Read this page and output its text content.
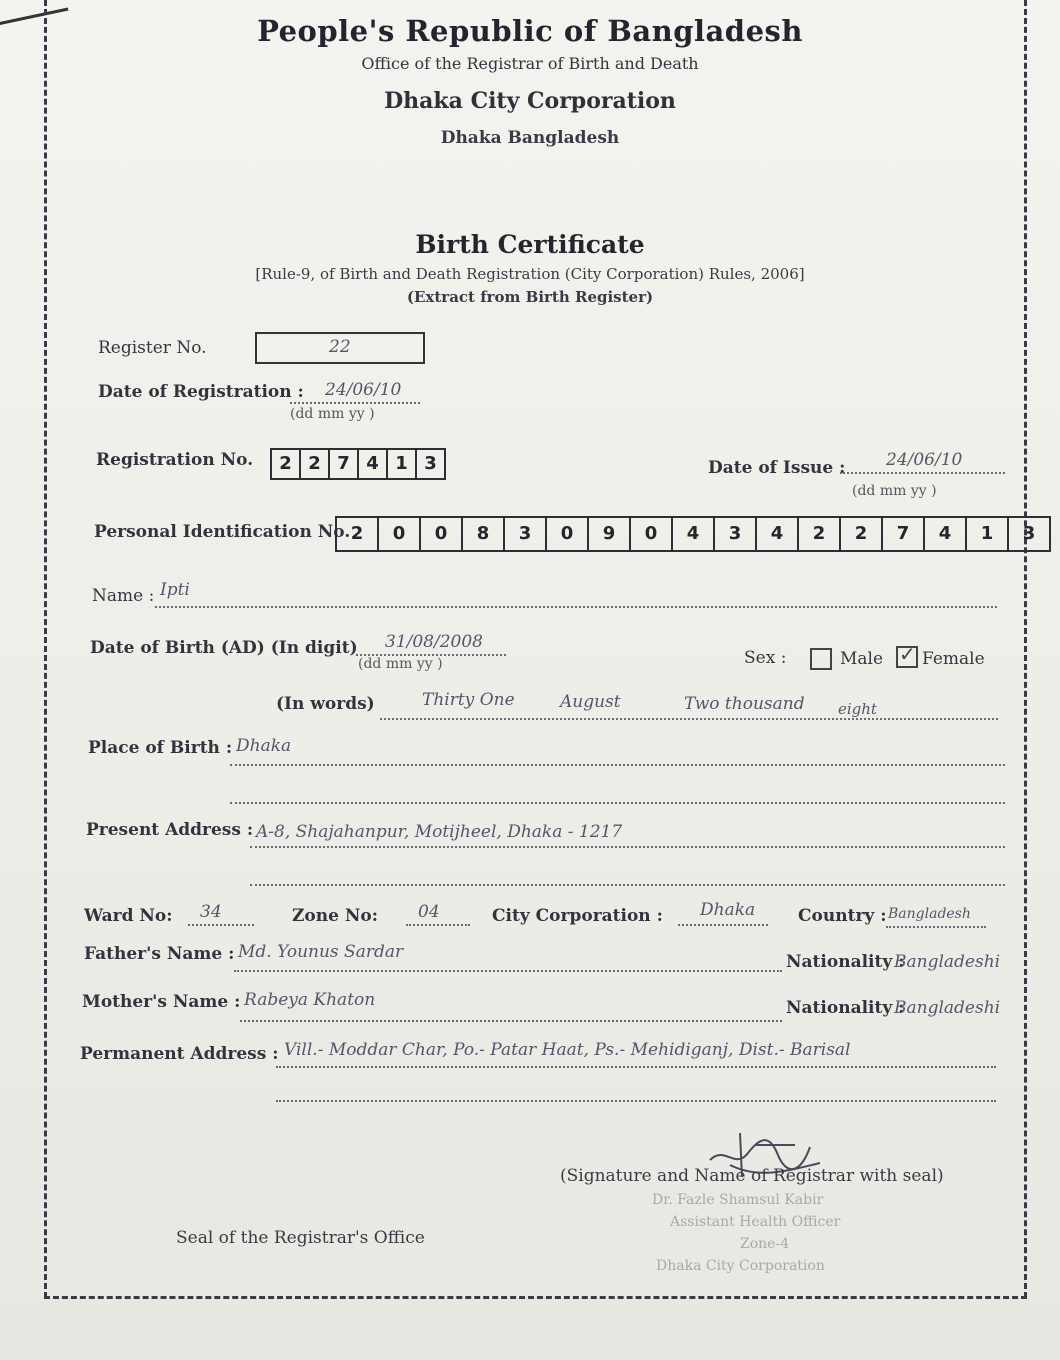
People's Republic of Bangladesh
Office of the Registrar of Birth and Death
Dhaka City Corporation
Dhaka Bangladesh
Birth Certificate
[Rule-9, of Birth and Death Registration (City Corporation) Rules, 2006]
(Extract from Birth Register)
Register No.	22
Date of Registration : 24/06/10
(dd mm yy )
Registration No.	2 2 7 4 1 3	Date of Issue : 24/06/10
(dd mm yy )
Personal Identification No. 2	0	0	8	3	0	9	0	4	3	4	2	2	7	4	1	3
Name : Ipti
Date of Birth (AD) (In digit) 31/08/2008
(dd mm yy )	Sex :	Male ✓ Female
(In words)	Thirty One	August	Two thousand eight
Place of Birth : Dhaka
Present Address : A-8, Shajahanpur, Motijheel, Dhaka - 1217
Ward No: 34	Zone No: 04	City Corporation : Dhaka	Country : Bangladesh
Father's Name : Md. Younus Sardar	Nationality :
Bangladeshi
Mother's Name : Rabeya Khaton	Nationality :
Bangladeshi
Permanent Address : Vill.- Moddar Char, Po.- Patar Haat, Ps.- Mehidiganj, Dist.- Barisal
(Signature and Name of Registrar with seal)
Dr. Fazle Shamsul Kabir
Assistant Health Officer
Zone-4
Dhaka City Corporation
Seal of the Registrar's Office
